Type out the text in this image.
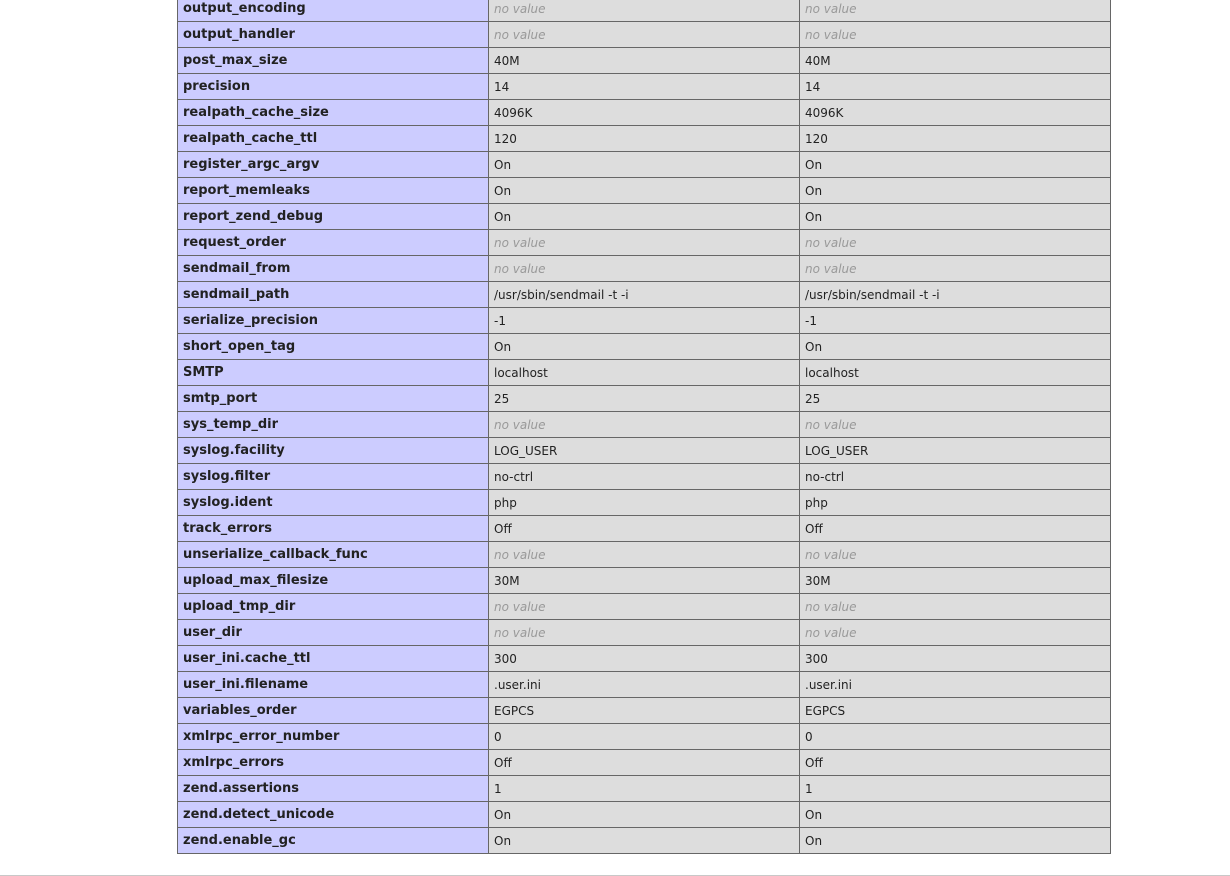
output_encoding	no value	no value
output_handler	no value	no value
post_max_size	40M	40M
precision	14	14
realpath_cache_size	4096K	4096K
realpath_cache_ttl	120	120
register_argc_argv	On	On
report_memleaks	On	On
report_zend_debug	On	On
request_order	no value	no value
sendmail_from	no value	no value
sendmail_path	/usr/sbin/sendmail -t -i	/usr/sbin/sendmail -t -i
serialize_precision	-1	-1
short_open_tag	On	On
SMTP	localhost	localhost
smtp_port	25	25
sys_temp_dir	no value	no value
syslog.facility	LOG_USER	LOG_USER
syslog.filter	no-ctrl	no-ctrl
syslog.ident	php	php
track_errors	Off	Off
unserialize_callback_func	no value	no value
upload_max_filesize	30M	30M
upload_tmp_dir	no value	no value
user_dir	no value	no value
user_ini.cache_ttl	300	300
user_ini.filename	.user.ini	.user.ini
variables_order	EGPCS	EGPCS
xmlrpc_error_number	0	0
xmlrpc_errors	Off	Off
zend.assertions	1	1
zend.detect_unicode	On	On
zend.enable_gc	On	On
